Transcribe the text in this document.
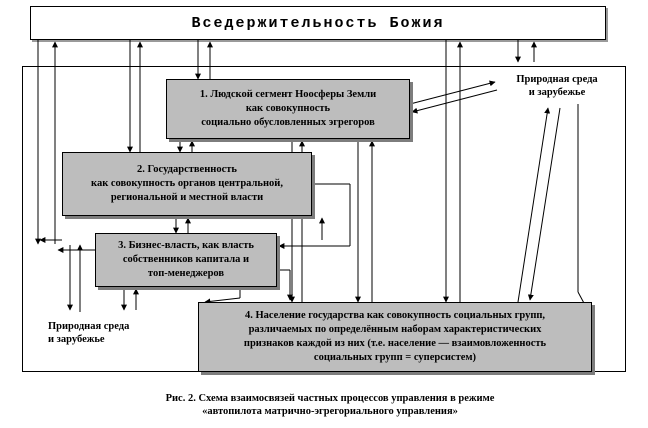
Вседержительность Божия
1. Людской сегмент Ноосферы Земли
как совокупность
социально обусловленных эгрегоров
2. Государственность
как совокупность органов центральной,
региональной и местной власти
3. Бизнес-власть, как власть
собственников капитала и
топ-менеджеров
4. Население государства как совокупность социальных групп,
различаемых по определённым наборам характеристических
признаков каждой из них (т.е. население — взаимовложенность
социальных групп = суперсистем)
Природная среда
и зарубежье
Природная среда
и зарубежье
Рис. 2. Схема взаимосвязей частных процессов управления в режиме
«автопилота матрично-эгрегориального управления»
